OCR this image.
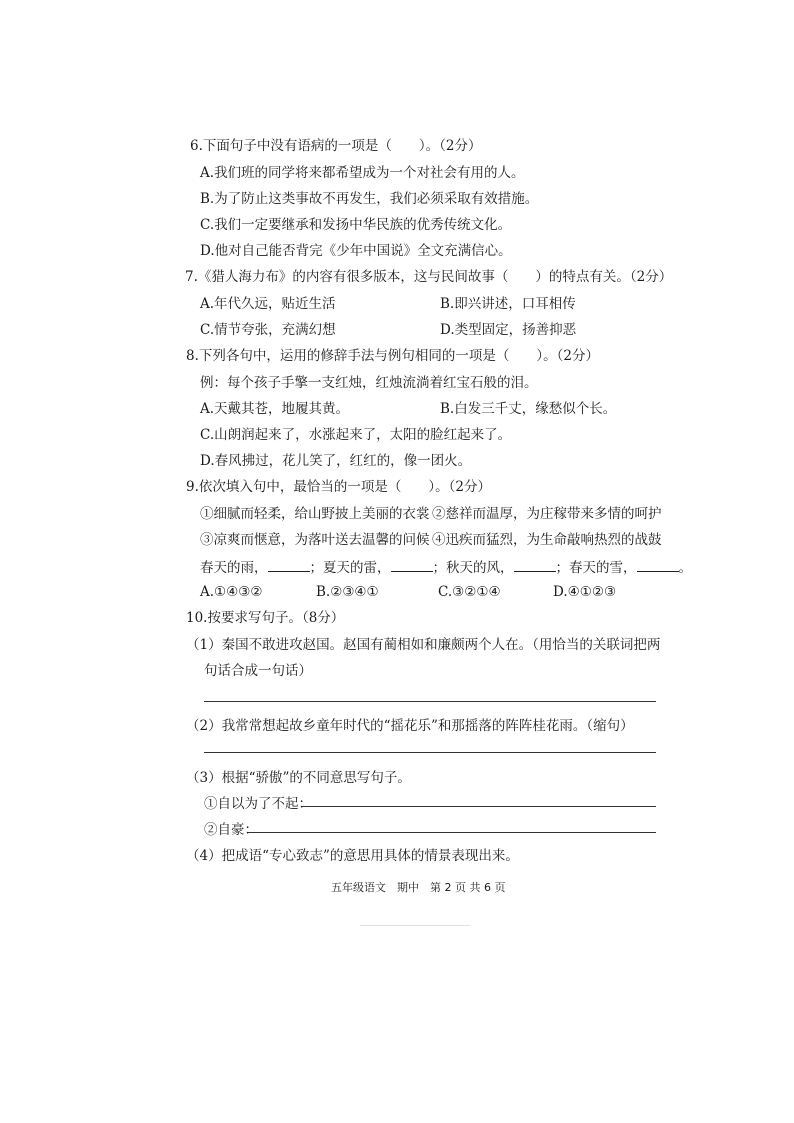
6.下面句子中没有语病的一项是（　　）。（2分）
A.我们班的同学将来都希望成为一个对社会有用的人。
B.为了防止这类事故不再发生，我们必须采取有效措施。
C.我们一定要继承和发扬中华民族的优秀传统文化。
D.他对自己能否背完《少年中国说》全文充满信心。
7.《猎人海力布》的内容有很多版本，这与民间故事（　　）的特点有关。（2分）
A.年代久远，贴近生活	B.即兴讲述，口耳相传
C.情节夸张，充满幻想	D.类型固定，扬善抑恶
8.下列各句中，运用的修辞手法与例句相同的一项是（　　）。（2分）
例：每个孩子手擎一支红烛，红烛流淌着红宝石般的泪。
A.天戴其苍，地履其黄。	B.白发三千丈，缘愁似个长。
C.山朗润起来了，水涨起来了，太阳的脸红起来了。
D.春风拂过，花儿笑了，红红的，像一团火。
9.依次填入句中，最恰当的一项是（　　）。（2分）
①细腻而轻柔，给山野披上美丽的衣裳 ②慈祥而温厚，为庄稼带来多情的呵护
③凉爽而惬意，为落叶送去温馨的问候 ④迅疾而猛烈，为生命敲响热烈的战鼓
春天的雨，	；夏天的雷，	；秋天的风，	；春天的雪，	。
A.①④③②	B.②③④①	C.③②①④	D.④①②③
10.按要求写句子。（8分）
（1）秦国不敢进攻赵国。赵国有蔺相如和廉颇两个人在。（用恰当的关联词把两
句话合成一句话）
（2）我常常想起故乡童年时代的“摇花乐”和那摇落的阵阵桂花雨。（缩句）
（3）根据“骄傲”的不同意思写句子。
①自以为了不起：
②自豪：
（4）把成语“专心致志”的意思用具体的情景表现出来。
五年级语文　期中　第 2 页 共 6 页
